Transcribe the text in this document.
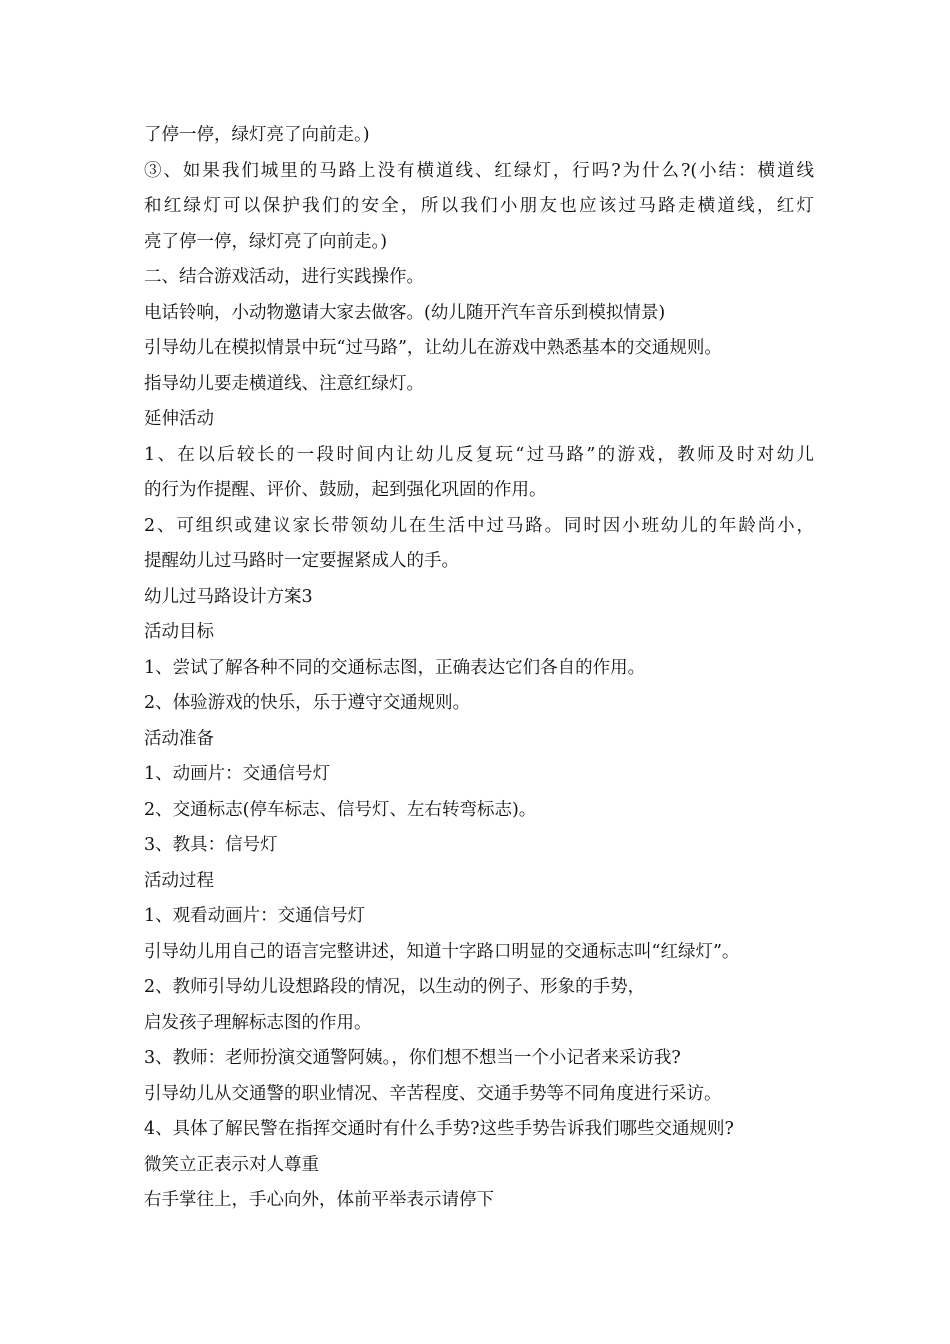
了停一停，绿灯亮了向前走。)
③、如果我们城里的马路上没有横道线、红绿灯，行吗?为什么?(小结：横道线
和红绿灯可以保护我们的安全，所以我们小朋友也应该过马路走横道线，红灯
亮了停一停，绿灯亮了向前走。)
二、结合游戏活动，进行实践操作。
电话铃响，小动物邀请大家去做客。(幼儿随开汽车音乐到模拟情景)
引导幼儿在模拟情景中玩“过马路”，让幼儿在游戏中熟悉基本的交通规则。
指导幼儿要走横道线、注意红绿灯。
延伸活动
1、在以后较长的一段时间内让幼儿反复玩“过马路”的游戏，教师及时对幼儿
的行为作提醒、评价、鼓励，起到强化巩固的作用。
2、可组织或建议家长带领幼儿在生活中过马路。同时因小班幼儿的年龄尚小，
提醒幼儿过马路时一定要握紧成人的手。
幼儿过马路设计方案3
活动目标
1、尝试了解各种不同的交通标志图，正确表达它们各自的作用。
2、体验游戏的快乐，乐于遵守交通规则。
活动准备
1、动画片：交通信号灯
2、交通标志(停车标志、信号灯、左右转弯标志)。
3、教具：信号灯
活动过程
1、观看动画片：交通信号灯
引导幼儿用自己的语言完整讲述，知道十字路口明显的交通标志叫“红绿灯”。
2、教师引导幼儿设想路段的情况，以生动的例子、形象的手势，
启发孩子理解标志图的作用。
3、教师：老师扮演交通警阿姨。，你们想不想当一个小记者来采访我?
引导幼儿从交通警的职业情况、辛苦程度、交通手势等不同角度进行采访。
4、具体了解民警在指挥交通时有什么手势?这些手势告诉我们哪些交通规则?
微笑立正表示对人尊重
右手掌往上，手心向外，体前平举表示请停下
